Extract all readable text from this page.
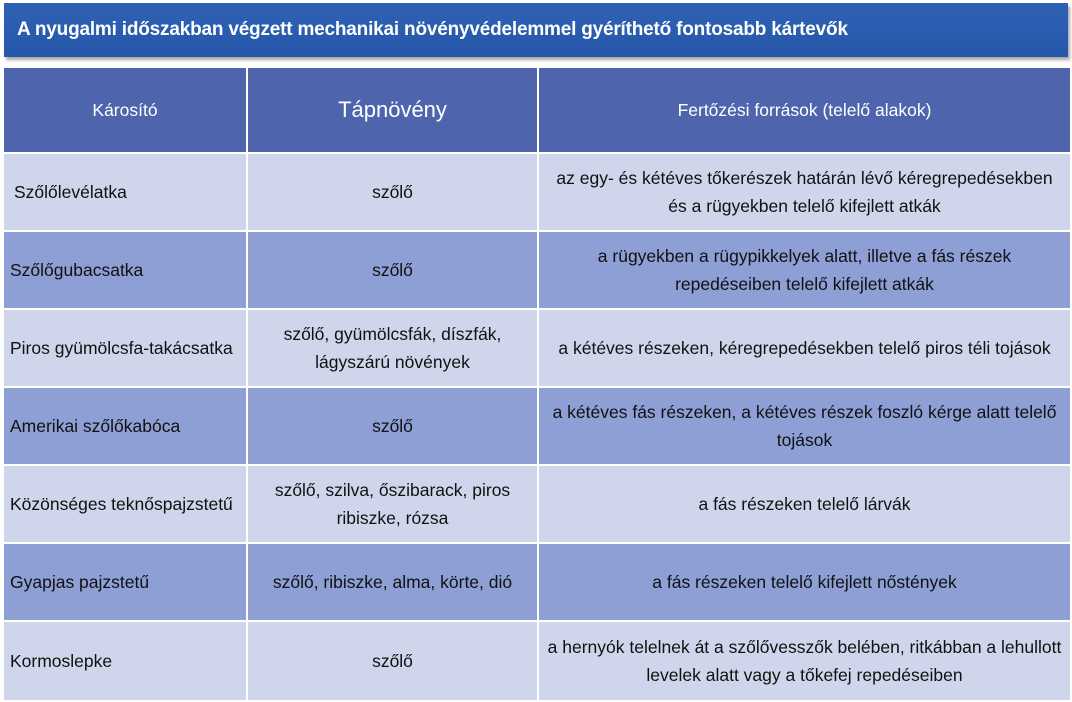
A nyugalmi időszakban végzett mechanikai növényvédelemmel gyéríthető fontosabb kártevők
Károsító	Tápnövény	Fertőzési források (telelő alakok)
Szőlőlevélatka	szőlő	az egy- és kétéves tőkerészek határán lévő kéregrepedésekben és a rügyekben telelő kifejlett atkák
Szőlőgubacsatka	szőlő	a rügyekben a rügypikkelyek alatt, illetve a fás részek repedéseiben telelő kifejlett atkák
Piros gyümölcsfa-takácsatka	szőlő, gyümölcsfák, díszfák, lágyszárú növények	a kétéves részeken, kéregrepedésekben telelő piros téli tojások
Amerikai szőlőkabóca	szőlő	a kétéves fás részeken, a kétéves részek foszló kérge alatt telelő tojások
Közönséges teknőspajzstetű	szőlő, szilva, őszibarack, piros ribiszke, rózsa	a fás részeken telelő lárvák
Gyapjas pajzstetű	szőlő, ribiszke, alma, körte, dió	a fás részeken telelő kifejlett nőstények
Kormoslepke	szőlő	a hernyók telelnek át a szőlővesszők belében, ritkábban a lehullott levelek alatt vagy a tőkefej repedéseiben
